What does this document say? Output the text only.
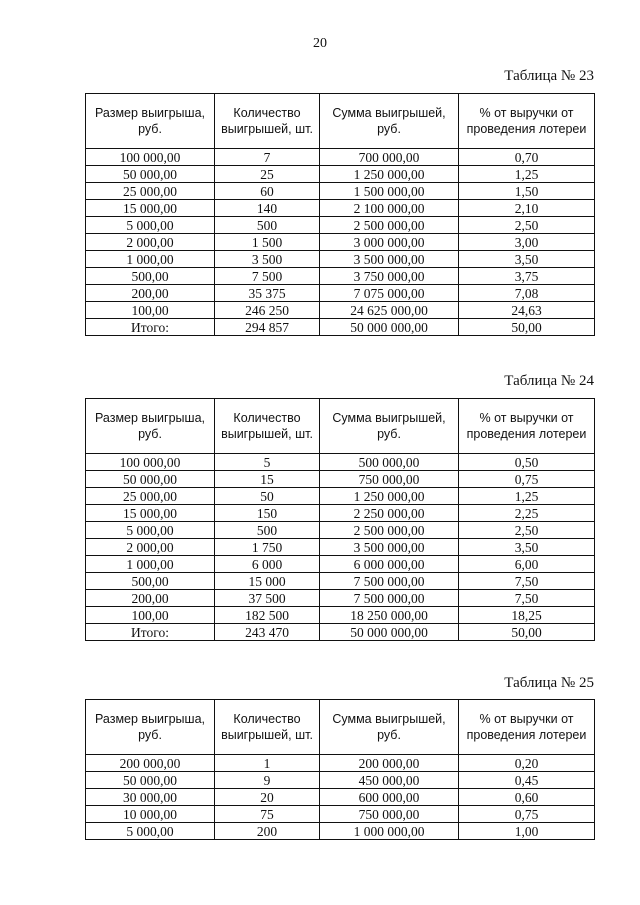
20
Таблица № 23
Размер выигрыша, руб.	Количество выигрышей, шт.	Сумма выигрышей, руб.	% от выручки от проведения лотереи
100 000,00	7	700 000,00	0,70
50 000,00	25	1 250 000,00	1,25
25 000,00	60	1 500 000,00	1,50
15 000,00	140	2 100 000,00	2,10
5 000,00	500	2 500 000,00	2,50
2 000,00	1 500	3 000 000,00	3,00
1 000,00	3 500	3 500 000,00	3,50
500,00	7 500	3 750 000,00	3,75
200,00	35 375	7 075 000,00	7,08
100,00	246 250	24 625 000,00	24,63
Итого:	294 857	50 000 000,00	50,00
Таблица № 24
Размер выигрыша, руб.	Количество выигрышей, шт.	Сумма выигрышей, руб.	% от выручки от проведения лотереи
100 000,00	5	500 000,00	0,50
50 000,00	15	750 000,00	0,75
25 000,00	50	1 250 000,00	1,25
15 000,00	150	2 250 000,00	2,25
5 000,00	500	2 500 000,00	2,50
2 000,00	1 750	3 500 000,00	3,50
1 000,00	6 000	6 000 000,00	6,00
500,00	15 000	7 500 000,00	7,50
200,00	37 500	7 500 000,00	7,50
100,00	182 500	18 250 000,00	18,25
Итого:	243 470	50 000 000,00	50,00
Таблица № 25
Размер выигрыша, руб.	Количество выигрышей, шт.	Сумма выигрышей, руб.	% от выручки от проведения лотереи
200 000,00	1	200 000,00	0,20
50 000,00	9	450 000,00	0,45
30 000,00	20	600 000,00	0,60
10 000,00	75	750 000,00	0,75
5 000,00	200	1 000 000,00	1,00
